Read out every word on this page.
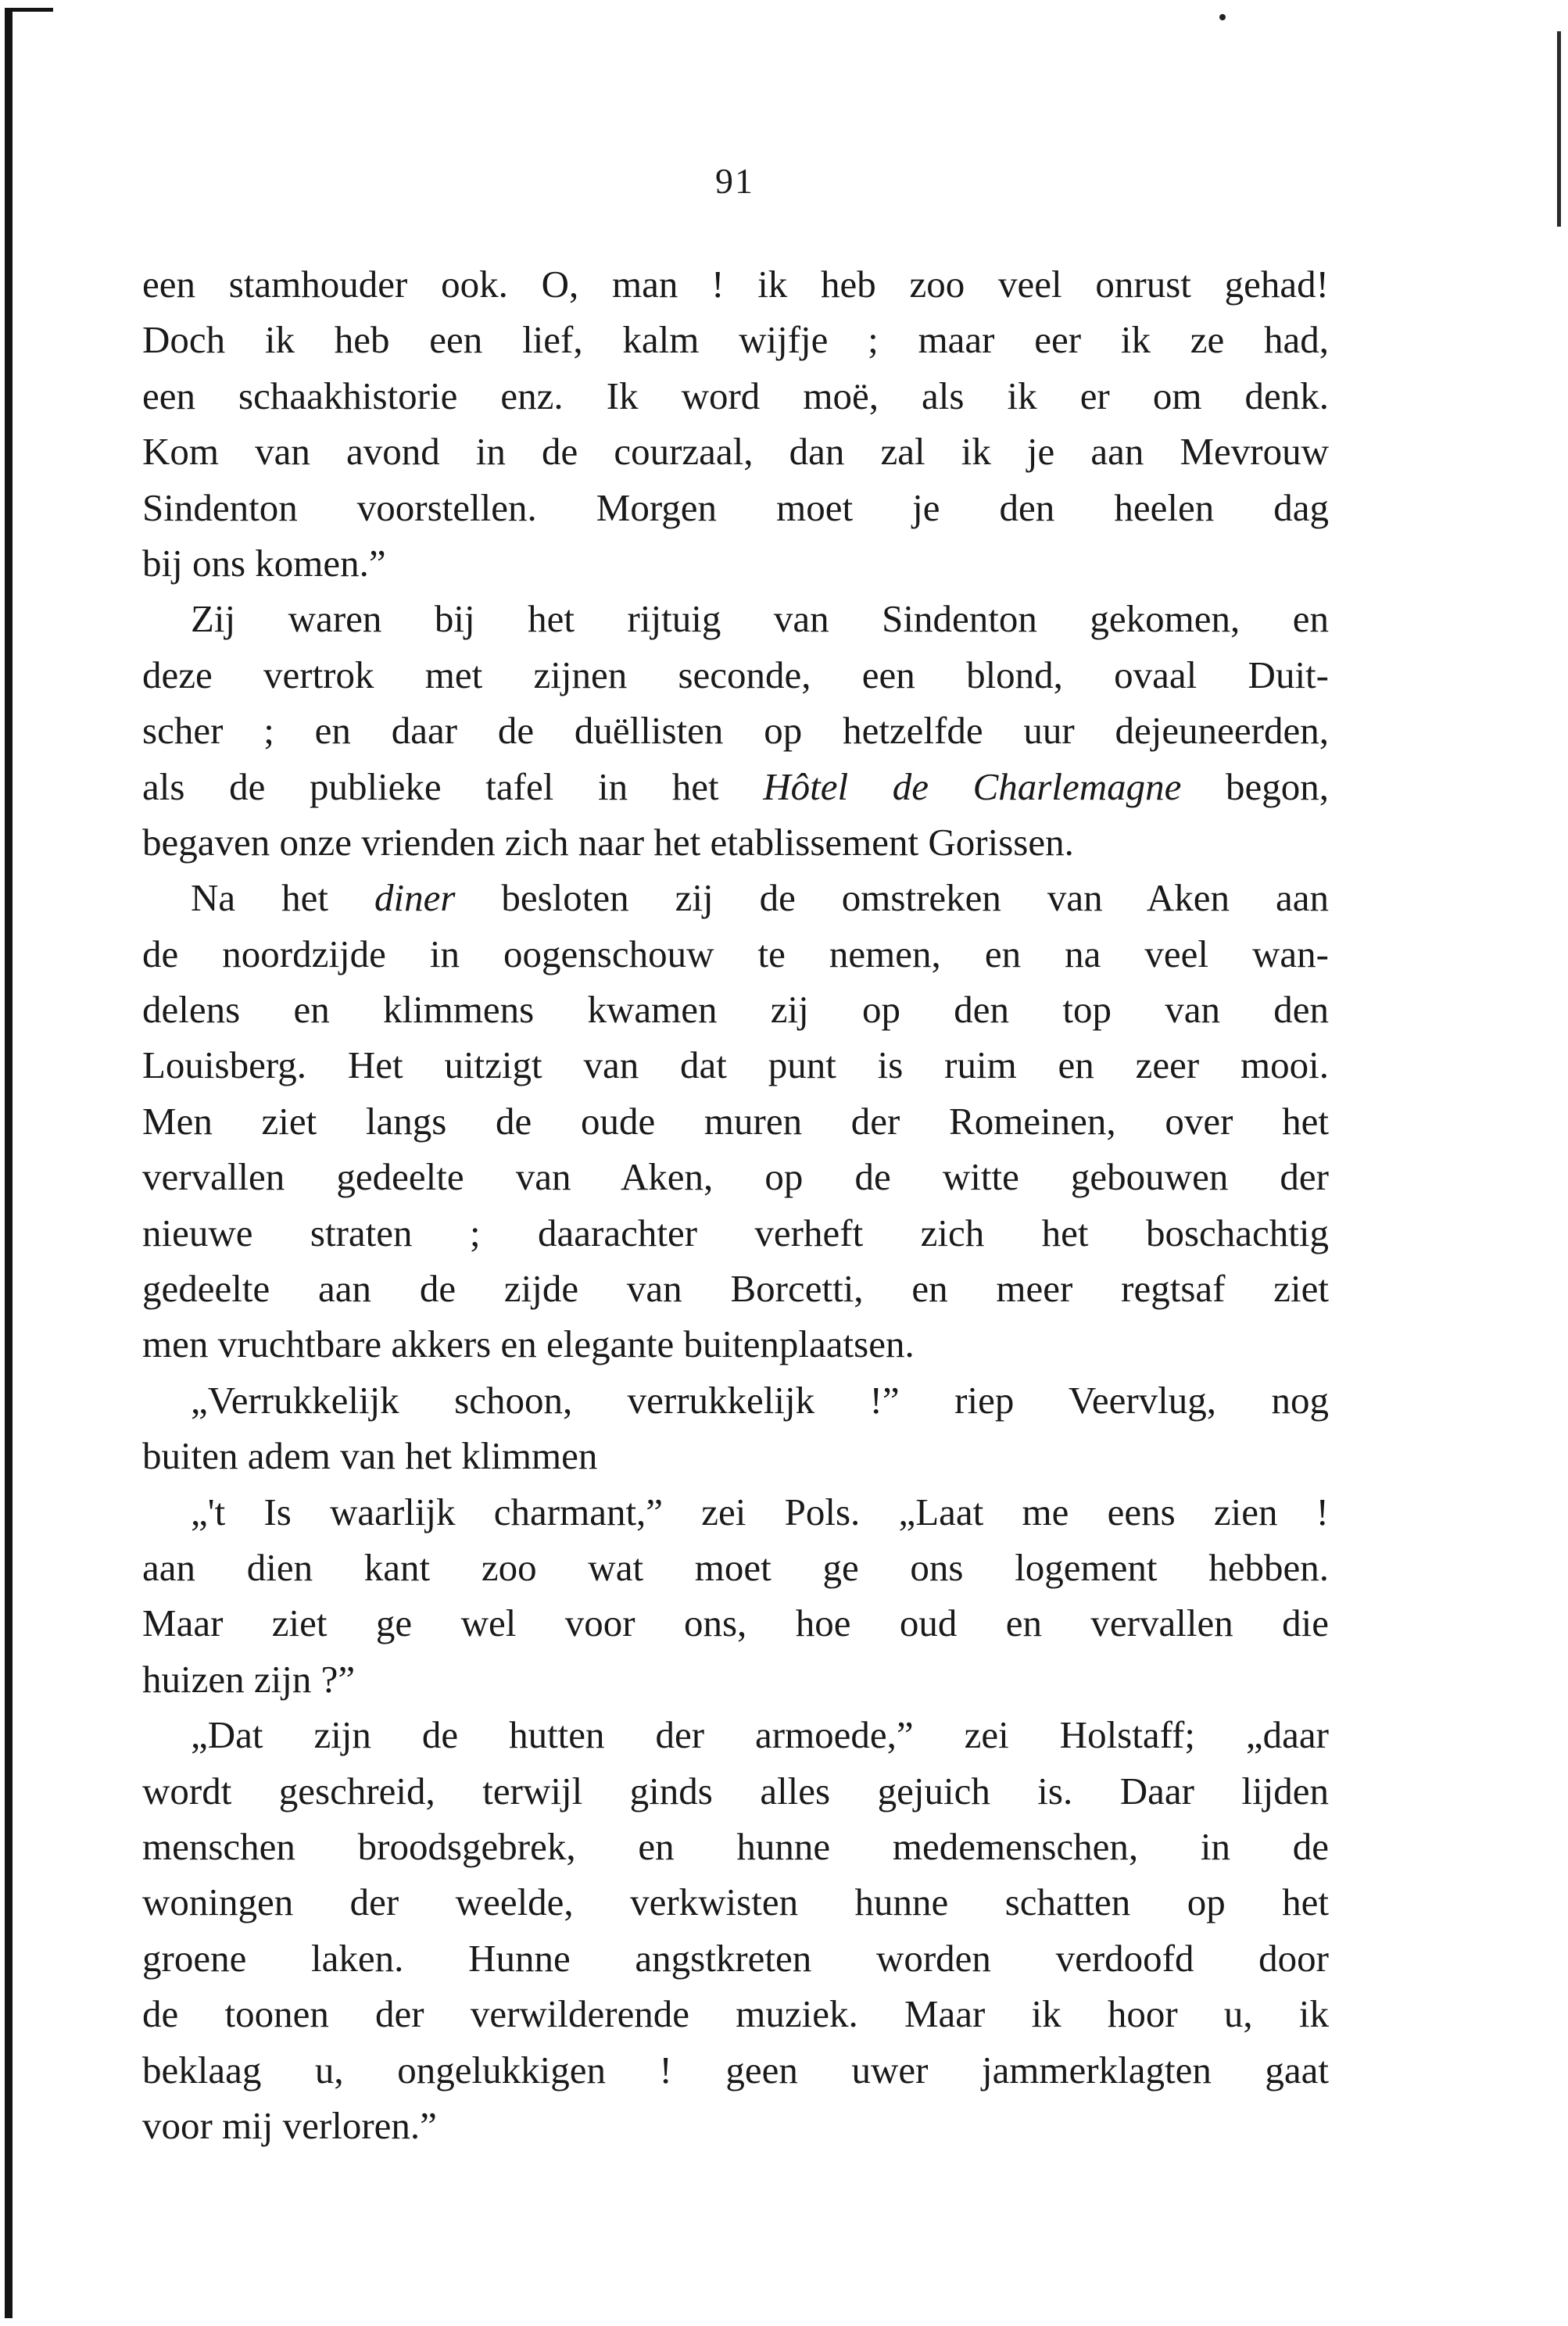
91
een stamhouder ook. O, man ! ik heb zoo veel onrust gehad!
Doch ik heb een lief, kalm wijfje ; maar eer ik ze had,
een schaakhistorie enz. Ik word moë, als ik er om denk.
Kom van avond in de courzaal, dan zal ik je aan Mevrouw
Sindenton voorstellen. Morgen moet je den heelen dag
bij ons komen.”
Zij waren bij het rijtuig van Sindenton gekomen, en
deze vertrok met zijnen seconde, een blond, ovaal Duit-
scher ; en daar de duëllisten op hetzelfde uur dejeuneerden,
als de publieke tafel in het Hôtel de Charlemagne begon,
begaven onze vrienden zich naar het etablissement Gorissen.
Na het diner besloten zij de omstreken van Aken aan
de noordzijde in oogenschouw te nemen, en na veel wan-
delens en klimmens kwamen zij op den top van den
Louisberg. Het uitzigt van dat punt is ruim en zeer mooi.
Men ziet langs de oude muren der Romeinen, over het
vervallen gedeelte van Aken, op de witte gebouwen der
nieuwe straten ; daarachter verheft zich het boschachtig
gedeelte aan de zijde van Borcetti, en meer regtsaf ziet
men vruchtbare akkers en elegante buitenplaatsen.
„Verrukkelijk schoon, verrukkelijk !” riep Veervlug, nog
buiten adem van het klimmen
„'t Is waarlijk charmant,” zei Pols. „Laat me eens zien !
aan dien kant zoo wat moet ge ons logement hebben.
Maar ziet ge wel voor ons, hoe oud en vervallen die
huizen zijn ?”
„Dat zijn de hutten der armoede,” zei Holstaff; „daar
wordt geschreid, terwijl ginds alles gejuich is. Daar lijden
menschen broodsgebrek, en hunne medemenschen, in de
woningen der weelde, verkwisten hunne schatten op het
groene laken. Hunne angstkreten worden verdoofd door
de toonen der verwilderende muziek. Maar ik hoor u, ik
beklaag u, ongelukkigen ! geen uwer jammerklagten gaat
voor mij verloren.”
